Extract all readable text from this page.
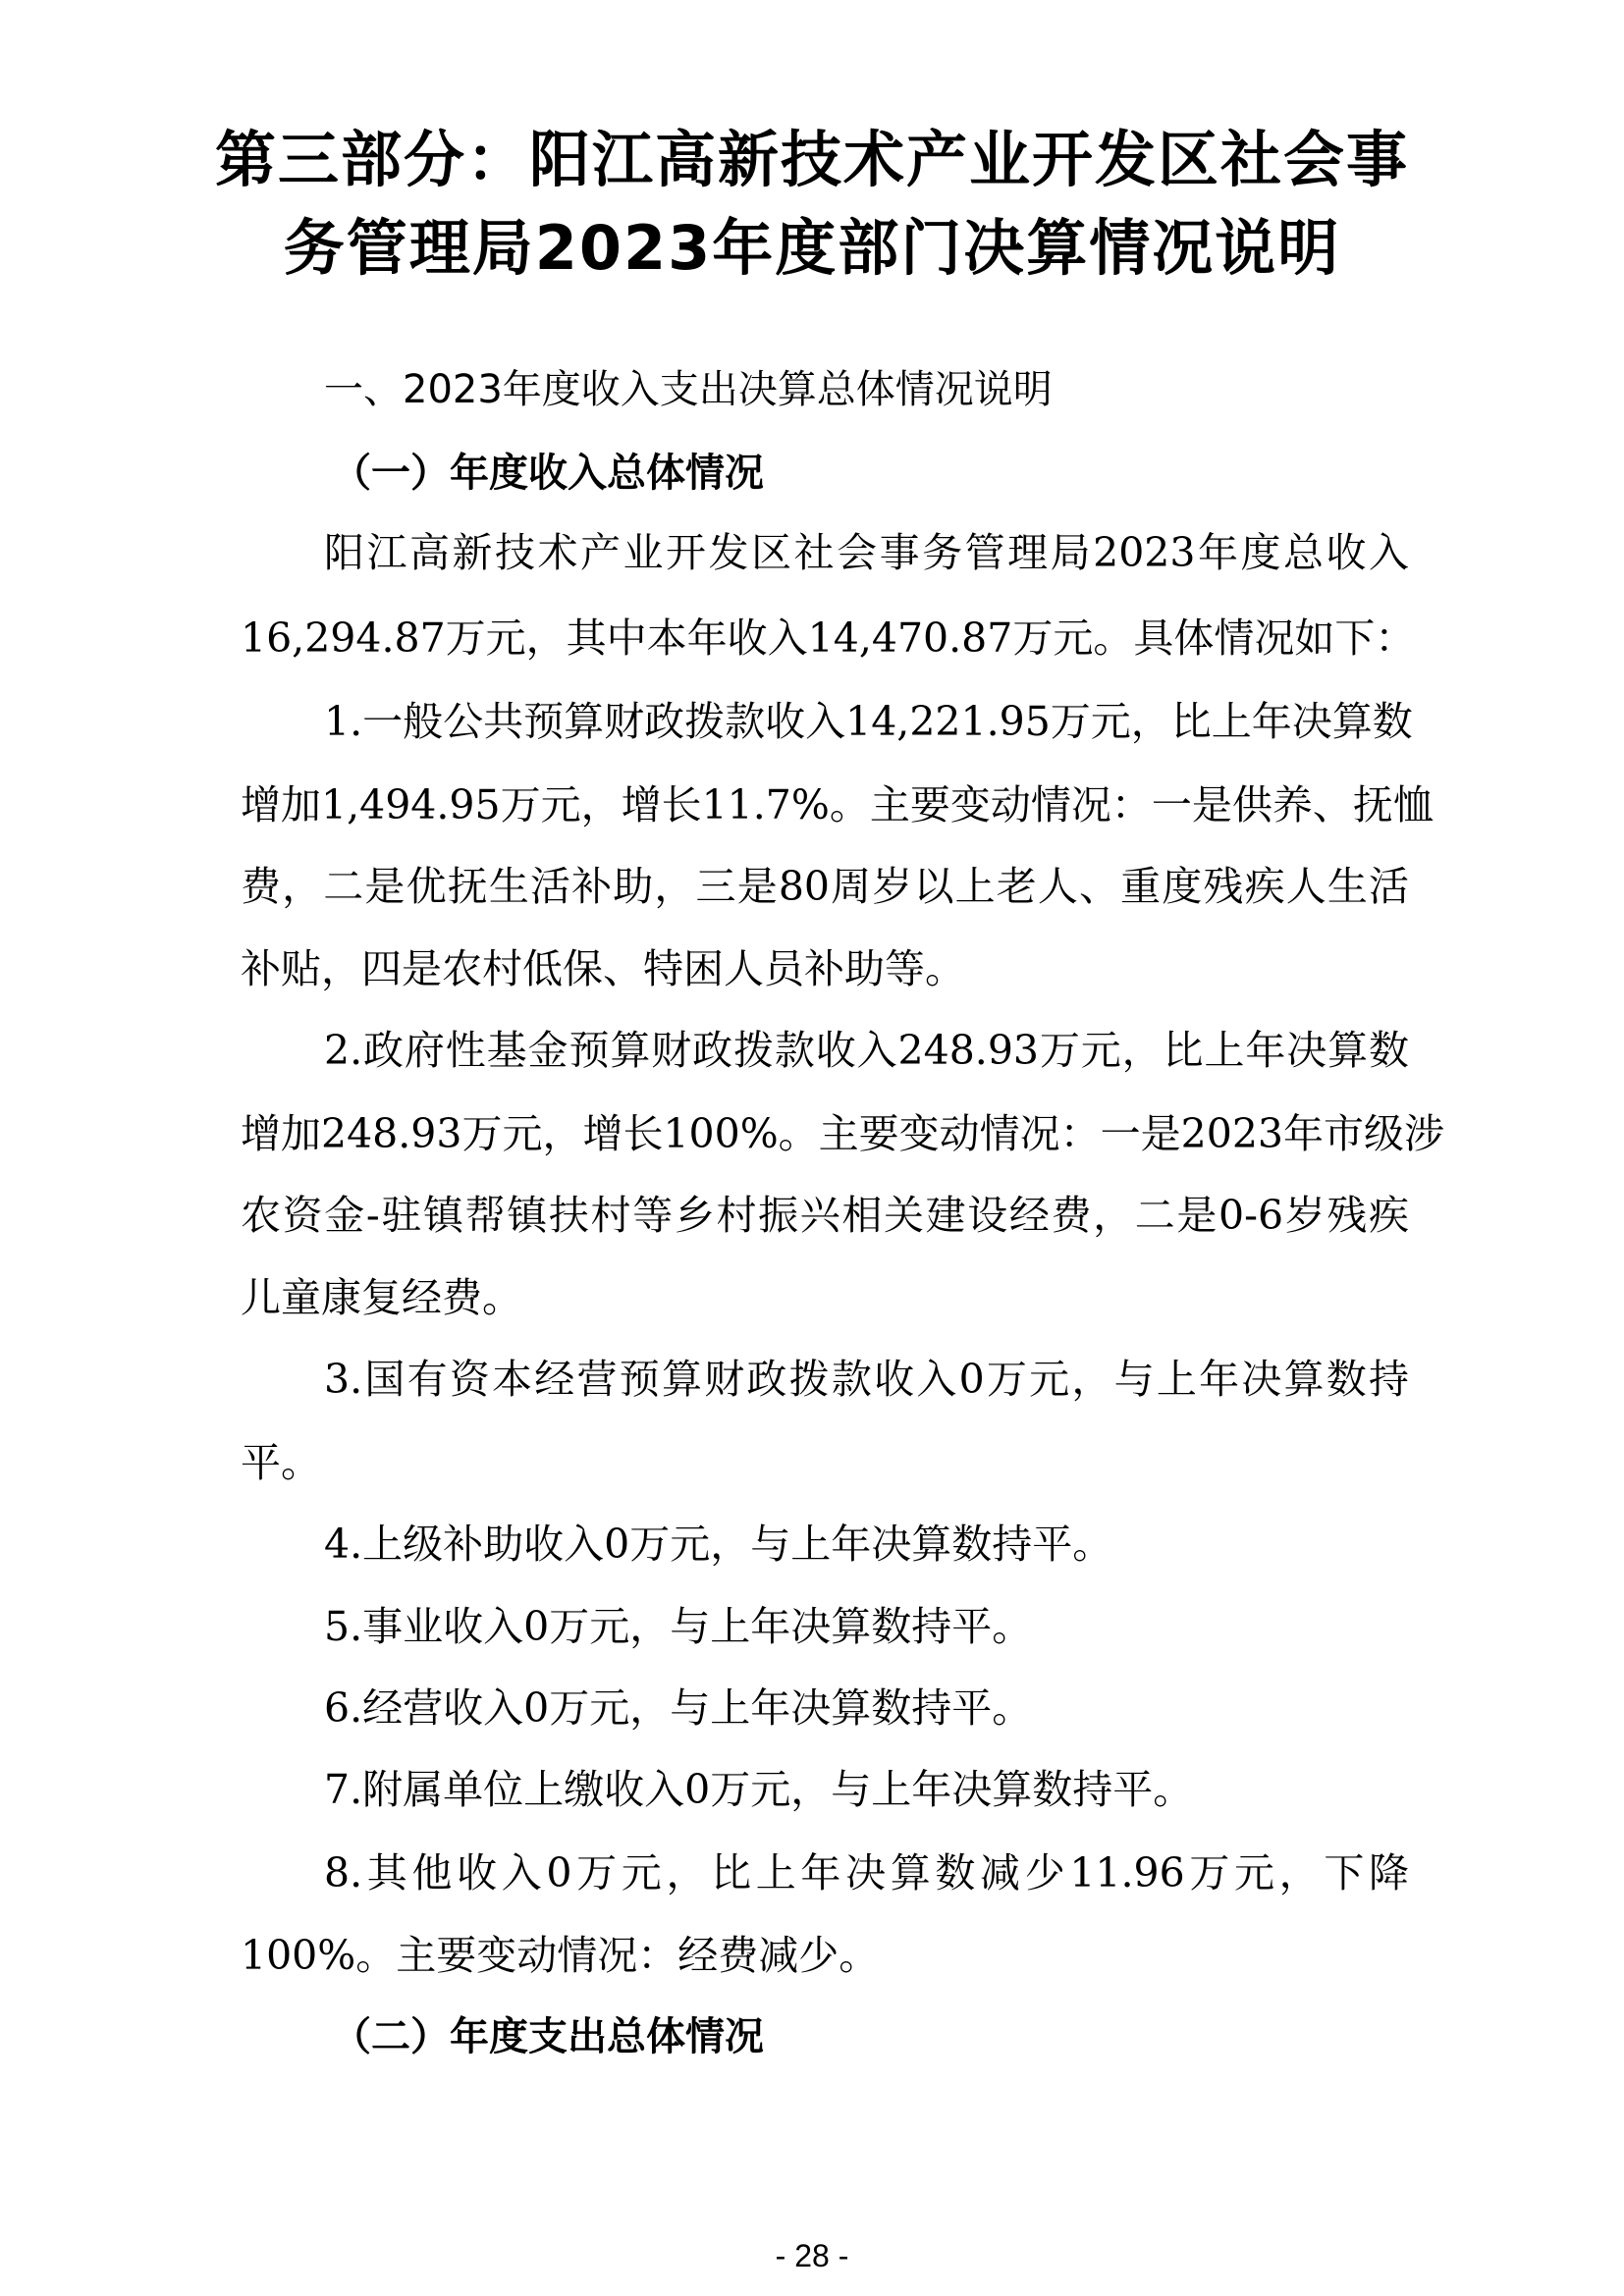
第三部分：阳江高新技术产业开发区社会事
务管理局2023年度部门决算情况说明
一、2023年度收入支出决算总体情况说明
（一）年度收入总体情况
阳江高新技术产业开发区社会事务管理局2023年度总收入
16,294.87万元，其中本年收入14,470.87万元。具体情况如下：
1.一般公共预算财政拨款收入14,221.95万元，比上年决算数
增加1,494.95万元，增长11.7%。主要变动情况：一是供养、抚恤
费，二是优抚生活补助，三是80周岁以上老人、重度残疾人生活
补贴，四是农村低保、特困人员补助等。
2.政府性基金预算财政拨款收入248.93万元，比上年决算数
增加248.93万元，增长100%。主要变动情况：一是2023年市级涉
农资金-驻镇帮镇扶村等乡村振兴相关建设经费，二是0-6岁残疾
儿童康复经费。
3.国有资本经营预算财政拨款收入0万元，与上年决算数持
平。
4.上级补助收入0万元，与上年决算数持平。
5.事业收入0万元，与上年决算数持平。
6.经营收入0万元，与上年决算数持平。
7.附属单位上缴收入0万元，与上年决算数持平。
8.其他收入0万元，比上年决算数减少11.96万元，下降
100%。主要变动情况：经费减少。
（二）年度支出总体情况
- 28 -
